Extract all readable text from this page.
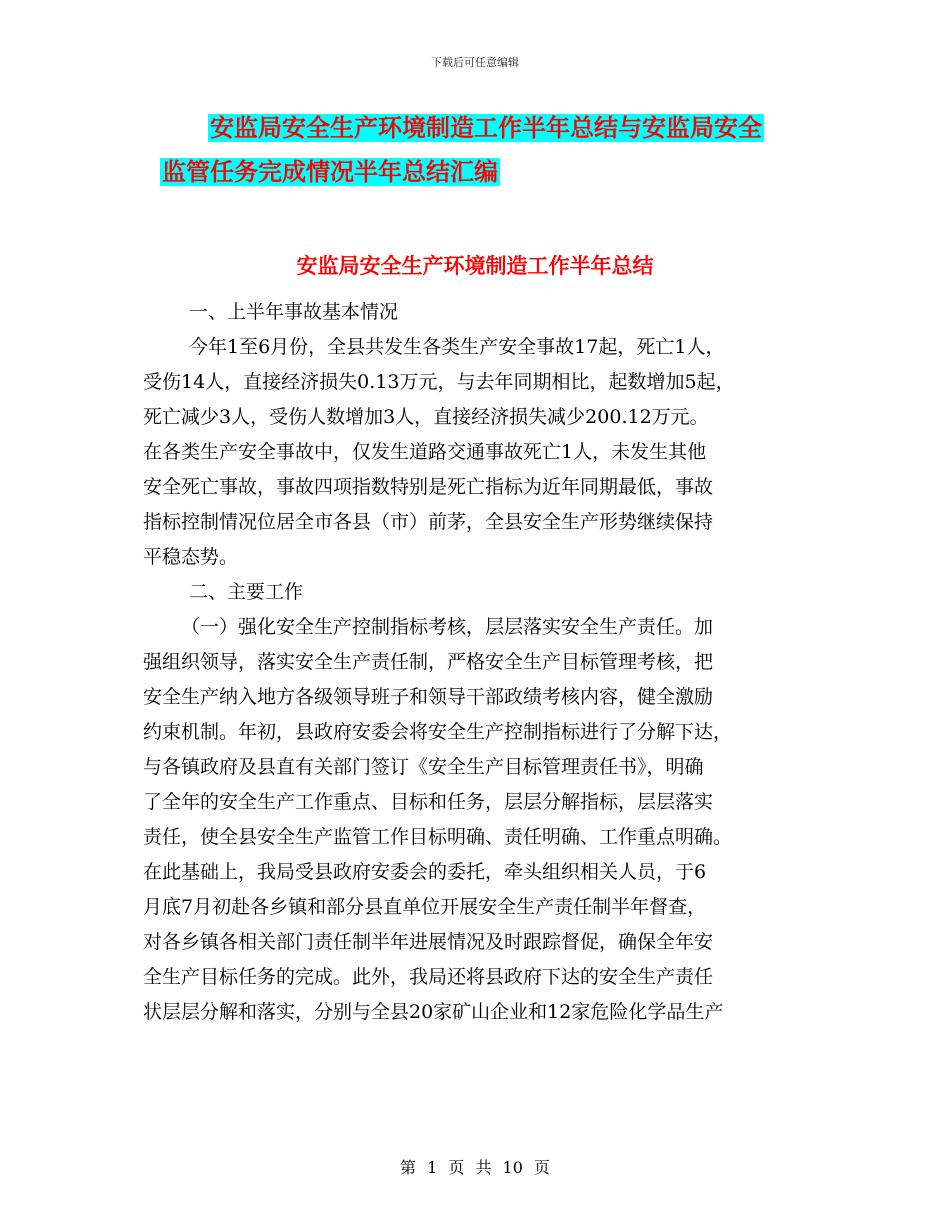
下载后可任意编辑
安监局安全生产环境制造工作半年总结与安监局安全
监管任务完成情况半年总结汇编
安监局安全生产环境制造工作半年总结
一、上半年事故基本情况
今年1至6月份，全县共发生各类生产安全事故17起，死亡1人，
受伤14人，直接经济损失0.13万元，与去年同期相比，起数增加5起，
死亡减少3人，受伤人数增加3人，直接经济损失减少200.12万元。
在各类生产安全事故中，仅发生道路交通事故死亡1人，未发生其他
安全死亡事故，事故四项指数特别是死亡指标为近年同期最低，事故
指标控制情况位居全市各县（市）前茅，全县安全生产形势继续保持
平稳态势。
二、主要工作
（一）强化安全生产控制指标考核，层层落实安全生产责任。加
强组织领导，落实安全生产责任制，严格安全生产目标管理考核，把
安全生产纳入地方各级领导班子和领导干部政绩考核内容，健全激励
约束机制。年初，县政府安委会将安全生产控制指标进行了分解下达，
与各镇政府及县直有关部门签订《安全生产目标管理责任书》，明确
了全年的安全生产工作重点、目标和任务，层层分解指标，层层落实
责任，使全县安全生产监管工作目标明确、责任明确、工作重点明确。
在此基础上，我局受县政府安委会的委托，牵头组织相关人员，于6
月底7月初赴各乡镇和部分县直单位开展安全生产责任制半年督查，
对各乡镇各相关部门责任制半年进展情况及时跟踪督促，确保全年安
全生产目标任务的完成。此外，我局还将县政府下达的安全生产责任
状层层分解和落实，分别与全县20家矿山企业和12家危险化学品生产
第 1 页 共 10 页
